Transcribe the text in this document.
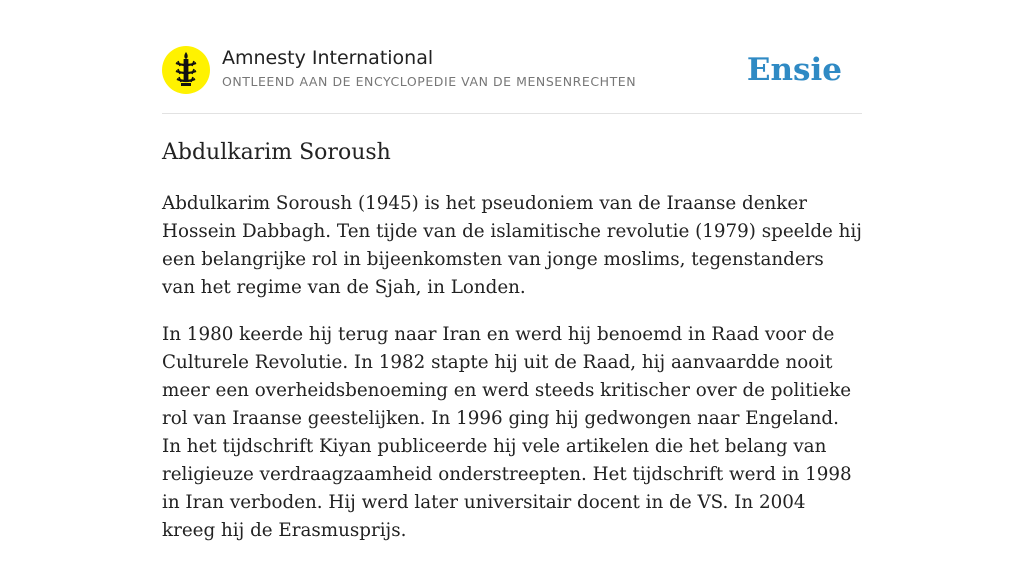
Amnesty International
ONTLEEND AAN DE ENCYCLOPEDIE VAN DE MENSENRECHTEN	Ensie
Abdulkarim Soroush

Abdulkarim Soroush (1945) is het pseudoniem van de Iraanse denker Hossein Dabbagh. Ten tijde van de islamitische revolutie (1979) speelde hij een belangrijke rol in bijeenkomsten van jonge moslims, tegenstanders van het regime van de Sjah, in Londen.

In 1980 keerde hij terug naar Iran en werd hij benoemd in Raad voor de Culturele Revolutie. In 1982 stapte hij uit de Raad, hij aanvaardde nooit meer een overheidsbenoeming en werd steeds kritischer over de politieke rol van Iraanse geestelijken. In 1996 ging hij gedwongen naar Engeland. In het tijdschrift Kiyan publiceerde hij vele artikelen die het belang van religieuze verdraagzaamheid onderstreepten. Het tijdschrift werd in 1998 in Iran verboden. Hij werd later universitair docent in de VS. In 2004 kreeg hij de Erasmusprijs.
